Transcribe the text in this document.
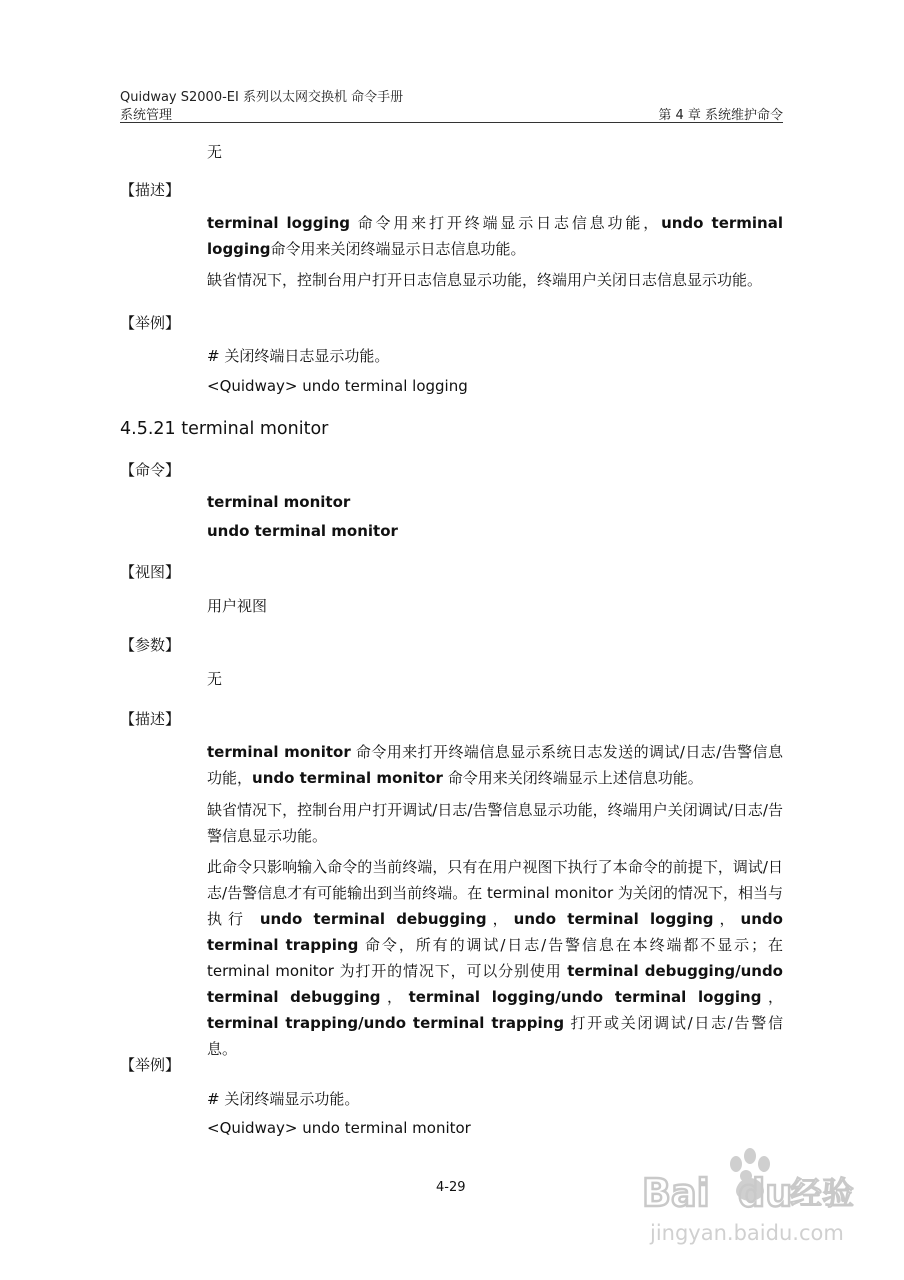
Quidway S2000-EI 系列以太网交换机 命令手册
系统管理	第 4 章 系统维护命令
无
【描述】
terminal logging 命令用来打开终端显示日志信息功能，undo terminal logging命令用来关闭终端显示日志信息功能。
缺省情况下，控制台用户打开日志信息显示功能，终端用户关闭日志信息显示功能。
【举例】
# 关闭终端日志显示功能。
<Quidway> undo terminal logging
4.5.21 terminal monitor
【命令】
terminal monitor
undo terminal monitor
【视图】
用户视图
【参数】
无
【描述】
terminal monitor 命令用来打开终端信息显示系统日志发送的调试/日志/告警信息功能，undo terminal monitor 命令用来关闭终端显示上述信息功能。
缺省情况下，控制台用户打开调试/日志/告警信息显示功能，终端用户关闭调试/日志/告警信息显示功能。
此命令只影响输入命令的当前终端，只有在用户视图下执行了本命令的前提下，调试/日志/告警信息才有可能输出到当前终端。在 terminal monitor 为关闭的情况下，相当与执行 undo terminal debugging，undo terminal logging，undo terminal trapping 命令，所有的调试/日志/告警信息在本终端都不显示；在 terminal monitor 为打开的情况下，可以分别使用 terminal debugging/undo terminal debugging，terminal logging/undo terminal logging，terminal trapping/undo terminal trapping 打开或关闭调试/日志/告警信息。
【举例】
# 关闭终端显示功能。
<Quidway> undo terminal monitor
4-29	Bai du
经验
jingyan.baidu.com
